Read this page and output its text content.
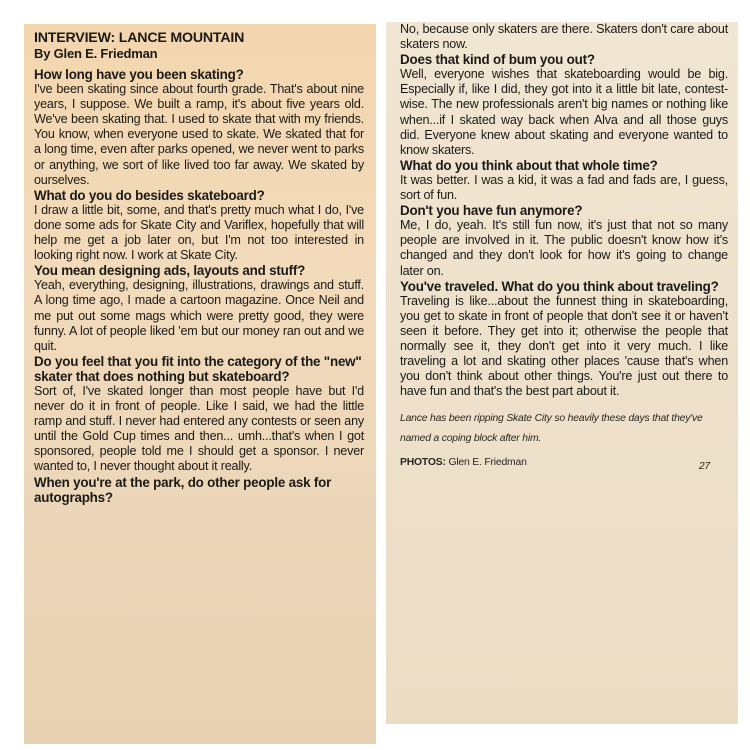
INTERVIEW: LANCE MOUNTAIN

By Glen E. Friedman

How long have you been skating?

I've been skating since about fourth grade. That's about nine years, I suppose. We built a ramp, it's about five years old. We've been skating that. I used to skate that with my friends. You know, when everyone used to skate. We skated that for a long time, even after parks opened, we never went to parks or anything, we sort of like lived too far away. We skated by ourselves.

What do you do besides skateboard?

I draw a little bit, some, and that's pretty much what I do, I've done some ads for Skate City and Variflex, hopefully that will help me get a job later on, but I'm not too interested in looking right now. I work at Skate City.

You mean designing ads, layouts and stuff?

Yeah, everything, designing, illustrations, drawings and stuff. A long time ago, I made a cartoon magazine. Once Neil and me put out some mags which were pretty good, they were funny. A lot of people liked 'em but our money ran out and we quit.

Do you feel that you fit into the category of the "new" skater that does nothing but skateboard?

Sort of, I've skated longer than most people have but I'd never do it in front of people. Like I said, we had the little ramp and stuff. I never had entered any contests or seen any until the Gold Cup times and then... umh...that's when I got sponsored, people told me I should get a sponsor. I never wanted to, I never thought about it really.

When you're at the park, do other people ask for autographs?

No, because only skaters are there. Skaters don't care about skaters now.

Does that kind of bum you out?

Well, everyone wishes that skateboarding would be big. Especially if, like I did, they got into it a little bit late, contest-wise. The new professionals aren't big names or nothing like when...if I skated way back when Alva and all those guys did. Everyone knew about skating and everyone wanted to know skaters.

What do you think about that whole time?

It was better. I was a kid, it was a fad and fads are, I guess, sort of fun.

Don't you have fun anymore?

Me, I do, yeah. It's still fun now, it's just that not so many people are involved in it. The public doesn't know how it's changed and they don't look for how it's going to change later on.

You've traveled. What do you think about traveling?

Traveling is like...about the funnest thing in skateboarding, you get to skate in front of people that don't see it or haven't seen it before. They get into it; otherwise the people that normally see it, they don't get into it very much. I like traveling a lot and skating other places 'cause that's when you don't think about other things. You're just out there to have fun and that's the best part about it.

Lance has been ripping Skate City so heavily these days that they've named a coping block after him.

PHOTOS: Glen E. Friedman	27
